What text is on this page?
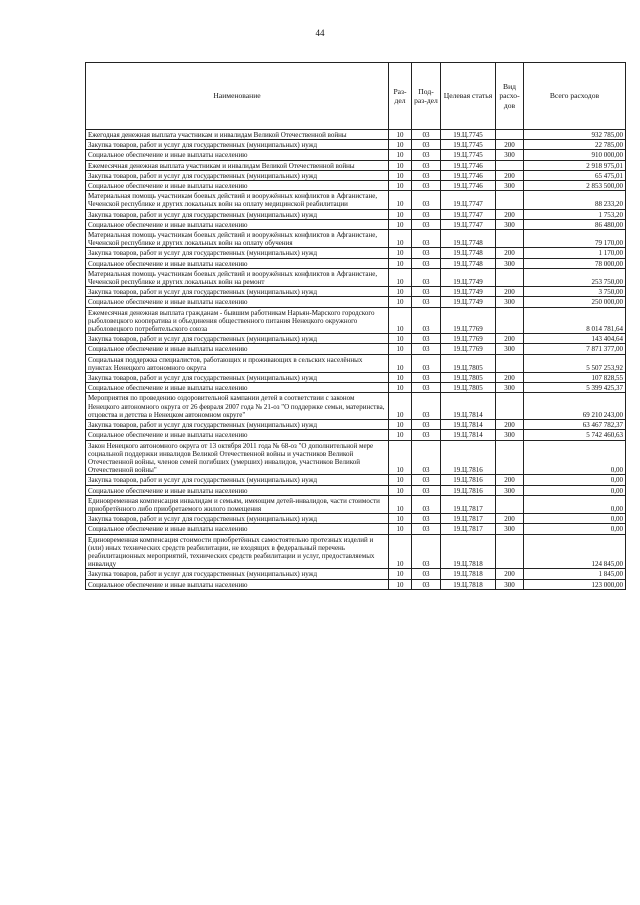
44
Наименование	Раз-дел	Под-раз-дел	Целевая статья	Вид расхо-дов	Всего расходов
Ежегодная денежная выплата участникам и инвалидам Великой Отечественной войны	10	03	19.Ц.7745		932 785,00
Закупка товаров, работ и услуг для государственных (муниципальных) нужд	10	03	19.Ц.7745	200	22 785,00
Социальное обеспечение и иные выплаты населению	10	03	19.Ц.7745	300	910 000,00
Ежемесячная денежная выплата участникам и инвалидам Великой Отечественной войны	10	03	19.Ц.7746		2 918 975,01
Закупка товаров, работ и услуг для государственных (муниципальных) нужд	10	03	19.Ц.7746	200	65 475,01
Социальное обеспечение и иные выплаты населению	10	03	19.Ц.7746	300	2 853 500,00
Материальная помощь участникам боевых действий и вооружённых конфликтов в Афганистане, Чеченской республике и других локальных войн на оплату медицинской реабилитации	10	03	19.Ц.7747		88 233,20
Закупка товаров, работ и услуг для государственных (муниципальных) нужд	10	03	19.Ц.7747	200	1 753,20
Социальное обеспечение и иные выплаты населению	10	03	19.Ц.7747	300	86 480,00
Материальная помощь участникам боевых действий и вооружённых конфликтов в Афганистане, Чеченской республике и других локальных войн на оплату обучения	10	03	19.Ц.7748		79 170,00
Закупка товаров, работ и услуг для государственных (муниципальных) нужд	10	03	19.Ц.7748	200	1 170,00
Социальное обеспечение и иные выплаты населению	10	03	19.Ц.7748	300	78 000,00
Материальная помощь участникам боевых действий и вооружённых конфликтов в Афганистане, Чеченской республике и других локальных войн на ремонт	10	03	19.Ц.7749		253 750,00
Закупка товаров, работ и услуг для государственных (муниципальных) нужд	10	03	19.Ц.7749	200	3 750,00
Социальное обеспечение и иные выплаты населению	10	03	19.Ц.7749	300	250 000,00
Ежемесячная денежная выплата гражданам - бывшим работникам Нарьян-Марского городского рыболовецкого кооператива и объединения общественного питания Ненецкого окружного рыболовецкого потребительского союза	10	03	19.Ц.7769		8 014 781,64
Закупка товаров, работ и услуг для государственных (муниципальных) нужд	10	03	19.Ц.7769	200	143 404,64
Социальное обеспечение и иные выплаты населению	10	03	19.Ц.7769	300	7 871 377,00
Социальная поддержка специалистов, работающих и проживающих в сельских населённых пунктах Ненецкого автономного округа	10	03	19.Ц.7805		5 507 253,92
Закупка товаров, работ и услуг для государственных (муниципальных) нужд	10	03	19.Ц.7805	200	107 828,55
Социальное обеспечение и иные выплаты населению	10	03	19.Ц.7805	300	5 399 425,37
Мероприятия по проведению оздоровительной кампании детей в соответствии с законом Ненецкого автономного округа от 26 февраля 2007 года № 21-оз "О поддержке семьи, материнства, отцовства и детства в Ненецком автономном округе"	10	03	19.Ц.7814		69 210 243,00
Закупка товаров, работ и услуг для государственных (муниципальных) нужд	10	03	19.Ц.7814	200	63 467 782,37
Социальное обеспечение и иные выплаты населению	10	03	19.Ц.7814	300	5 742 460,63
Закон Ненецкого автономного округа от 13 октября 2011 года № 68-оз "О дополнительной мере социальной поддержки инвалидов Великой Отечественной войны и участников Великой Отечественной войны, членов семей погибших (умерших) инвалидов, участников Великой Отечественной войны"	10	03	19.Ц.7816		0,00
Закупка товаров, работ и услуг для государственных (муниципальных) нужд	10	03	19.Ц.7816	200	0,00
Социальное обеспечение и иные выплаты населению	10	03	19.Ц.7816	300	0,00
Единовременная компенсация инвалидам и семьям, имеющим детей-инвалидов, части стоимости приобретённого либо приобретаемого жилого помещения	10	03	19.Ц.7817		0,00
Закупка товаров, работ и услуг для государственных (муниципальных) нужд	10	03	19.Ц.7817	200	0,00
Социальное обеспечение и иные выплаты населению	10	03	19.Ц.7817	300	0,00
Единовременная компенсация стоимости приобретённых самостоятельно протезных изделий и (или) иных технических средств реабилитации, не входящих в федеральный перечень реабилитационных мероприятий, технических средств реабилитации и услуг, предоставляемых инвалиду	10	03	19.Ц.7818		124 845,00
Закупка товаров, работ и услуг для государственных (муниципальных) нужд	10	03	19.Ц.7818	200	1 845,00
Социальное обеспечение и иные выплаты населению	10	03	19.Ц.7818	300	123 000,00
